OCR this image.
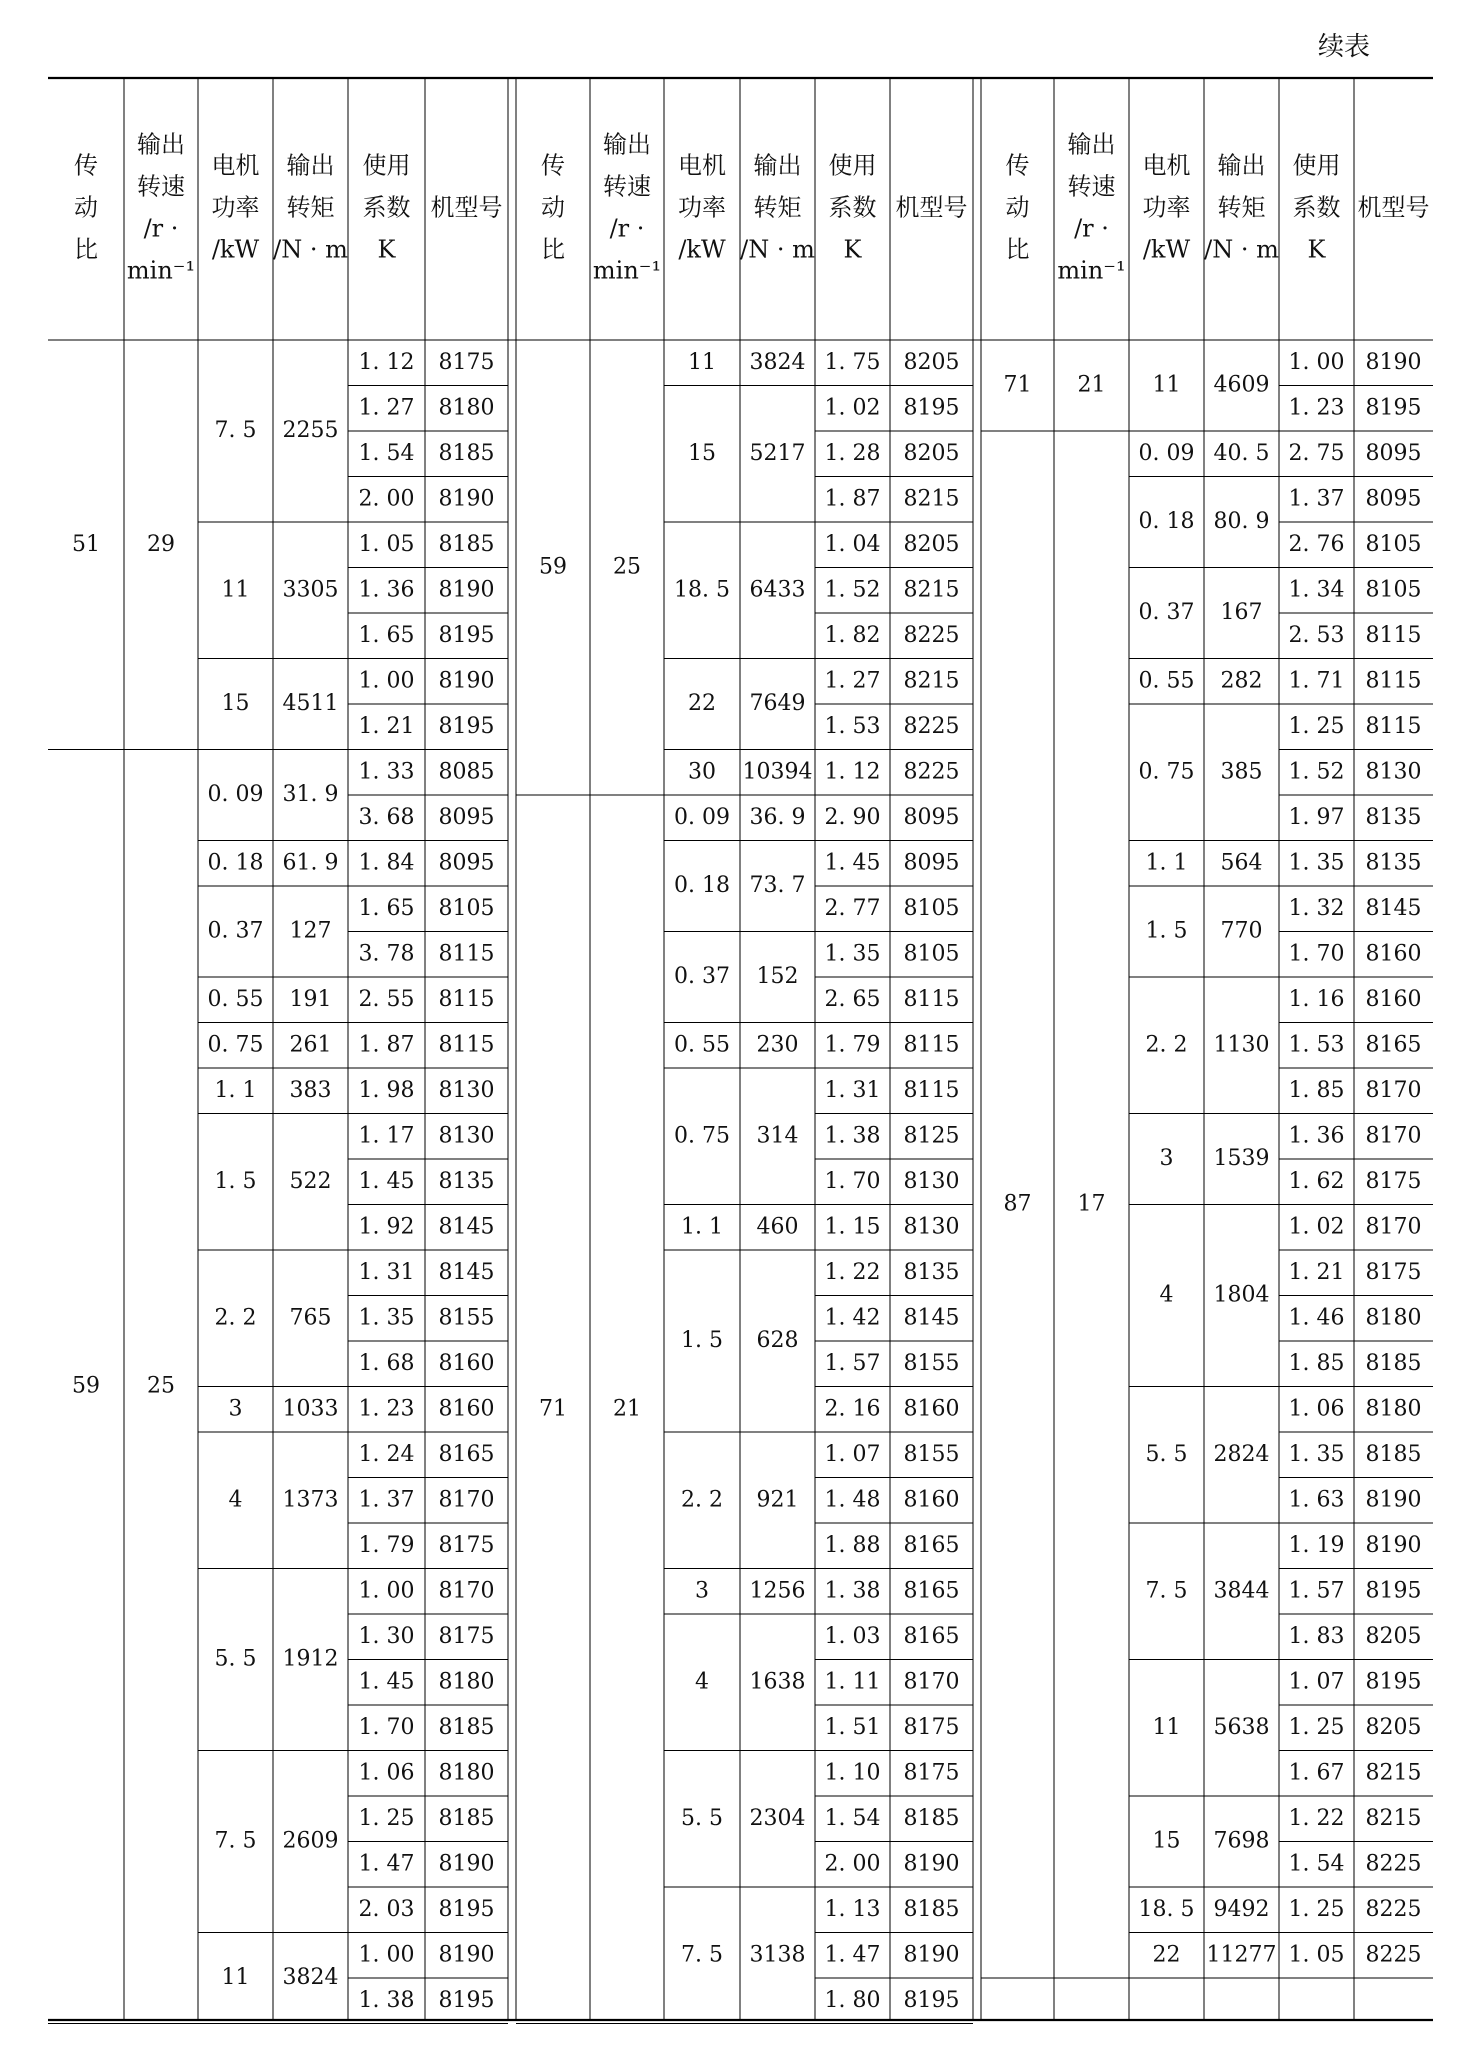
续表
传
动
比
输出
转速
/r ·
min⁻¹
电机
功率
/kW
输出
转矩
/N · m
使用
系数
K
机型号
1. 12 8175
1. 27 8180
1. 54 8185
2. 00 8190
7. 5 2255
1. 05 8185
1. 36 8190
1. 65 8195
11 3305
1. 00 8190
1. 21 8195
15 4511
51 29
1. 33 8085
3. 68 8095
0. 09 31. 9
1. 84 8095
0. 18 61. 9
1. 65 8105
3. 78 8115
0. 37 127
2. 55 8115
0. 55 191
1. 87 8115
0. 75 261
1. 98 8130
1. 1 383
1. 17 8130
1. 45 8135
1. 92 8145
1. 5 522
1. 31 8145
1. 35 8155
1. 68 8160
2. 2 765
1. 23 8160
3 1033
1. 24 8165
1. 37 8170
1. 79 8175
4 1373
1. 00 8170
1. 30 8175
1. 45 8180
1. 70 8185
5. 5 1912
1. 06 8180
1. 25 8185
1. 47 8190
2. 03 8195
7. 5 2609
1. 00 8190
1. 38 8195
11 3824
59 25
传
动
比
输出
转速
/r ·
min⁻¹
电机
功率
/kW
输出
转矩
/N · m
使用
系数
K
机型号
1. 75 8205
11 3824
1. 02 8195
1. 28 8205
1. 87 8215
15 5217
1. 04 8205
1. 52 8215
1. 82 8225
18. 5 6433
1. 27 8215
1. 53 8225
22 7649
1. 12 8225
30 10394
59 25
2. 90 8095
0. 09 36. 9
1. 45 8095
2. 77 8105
0. 18 73. 7
1. 35 8105
2. 65 8115
0. 37 152
1. 79 8115
0. 55 230
1. 31 8115
1. 38 8125
1. 70 8130
0. 75 314
1. 15 8130
1. 1 460
1. 22 8135
1. 42 8145
1. 57 8155
2. 16 8160
1. 5 628
1. 07 8155
1. 48 8160
1. 88 8165
2. 2 921
1. 38 8165
3 1256
1. 03 8165
1. 11 8170
1. 51 8175
4 1638
1. 10 8175
1. 54 8185
2. 00 8190
5. 5 2304
1. 13 8185
1. 47 8190
1. 80 8195
7. 5 3138
71 21
传
动
比
输出
转速
/r ·
min⁻¹
电机
功率
/kW
输出
转矩
/N · m
使用
系数
K
机型号
1. 00 8190
1. 23 8195
11 4609
71 21
2. 75 8095
0. 09 40. 5
1. 37 8095
2. 76 8105
0. 18 80. 9
1. 34 8105
2. 53 8115
0. 37 167
1. 71 8115
0. 55 282
1. 25 8115
1. 52 8130
1. 97 8135
0. 75 385
1. 35 8135
1. 1 564
1. 32 8145
1. 70 8160
1. 5 770
1. 16 8160
1. 53 8165
1. 85 8170
2. 2 1130
1. 36 8170
1. 62 8175
3 1539
1. 02 8170
1. 21 8175
1. 46 8180
1. 85 8185
4 1804
1. 06 8180
1. 35 8185
1. 63 8190
5. 5 2824
1. 19 8190
1. 57 8195
1. 83 8205
7. 5 3844
1. 07 8195
1. 25 8205
1. 67 8215
11 5638
1. 22 8215
1. 54 8225
15 7698
1. 25 8225
18. 5 9492
1. 05 8225
22 11277
87 17
